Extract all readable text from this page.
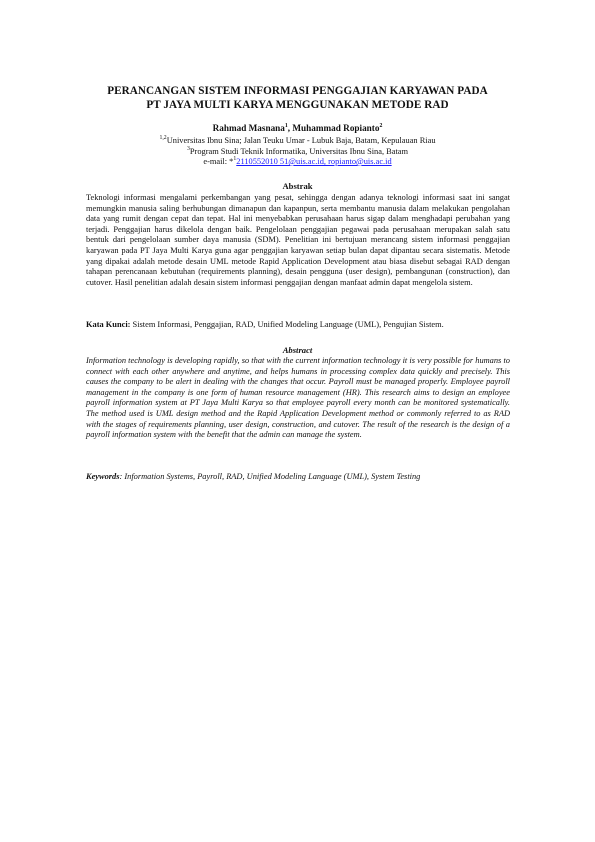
PERANCANGAN SISTEM INFORMASI PENGGAJIAN KARYAWAN PADA
PT JAYA MULTI KARYA MENGGUNAKAN METODE RAD
Rahmad Masnana$^1$, Muhammad Ropianto$^2$
$^{1,2}$Universitas Ibnu Sina; Jalan Teuku Umar - Lubuk Baja, Batam, Kepulauan Riau
$^3$Program Studi Teknik Informatika, Universitas Ibnu Sina, Batam
e-mail: *$^1$2110552010 51@uis.ac.id, ropianto@uis.ac.id
Abstrak
Teknologi informasi mengalami perkembangan yang pesat, sehingga dengan adanya teknologi informasi saat ini sangat memungkin manusia saling berhubungan dimanapun dan kapanpun, serta membantu manusia dalam melakukan pengolahan data yang rumit dengan cepat dan tepat. Hal ini menyebabkan perusahaan harus sigap dalam menghadapi perubahan yang terjadi. Penggajian harus dikelola dengan baik. Pengelolaan penggajian pegawai pada perusahaan merupakan salah satu bentuk dari pengelolaan sumber daya manusia (SDM). Penelitian ini bertujuan merancang sistem informasi penggajian karyawan pada PT Jaya Multi Karya guna agar penggajian karyawan setiap bulan dapat dipantau secara sistematis. Metode yang dipakai adalah metode desain UML metode Rapid Application Development atau biasa disebut sebagai RAD dengan tahapan perencanaan kebutuhan (requirements planning), desain pengguna (user design), pembangunan (construction), dan cutover. Hasil penelitian adalah desain sistem informasi penggajian dengan manfaat admin dapat mengelola sistem.
Kata Kunci: Sistem Informasi, Penggajian, RAD, Unified Modeling Language (UML), Pengujian Sistem.
Abstract
Information technology is developing rapidly, so that with the current information technology it is very possible for humans to connect with each other anywhere and anytime, and helps humans in processing complex data quickly and precisely. This causes the company to be alert in dealing with the changes that occur. Payroll must be managed properly. Employee payroll management in the company is one form of human resource management (HR). This research aims to design an employee payroll information system at PT Jaya Multi Karya so that employee payroll every month can be monitored systematically. The method used is UML design method and the Rapid Application Development method or commonly referred to as RAD with the stages of requirements planning, user design, construction, and cutover. The result of the research is the design of a payroll information system with the benefit that the admin can manage the system.
Keywords: Information Systems, Payroll, RAD, Unified Modeling Language (UML), System Testing
